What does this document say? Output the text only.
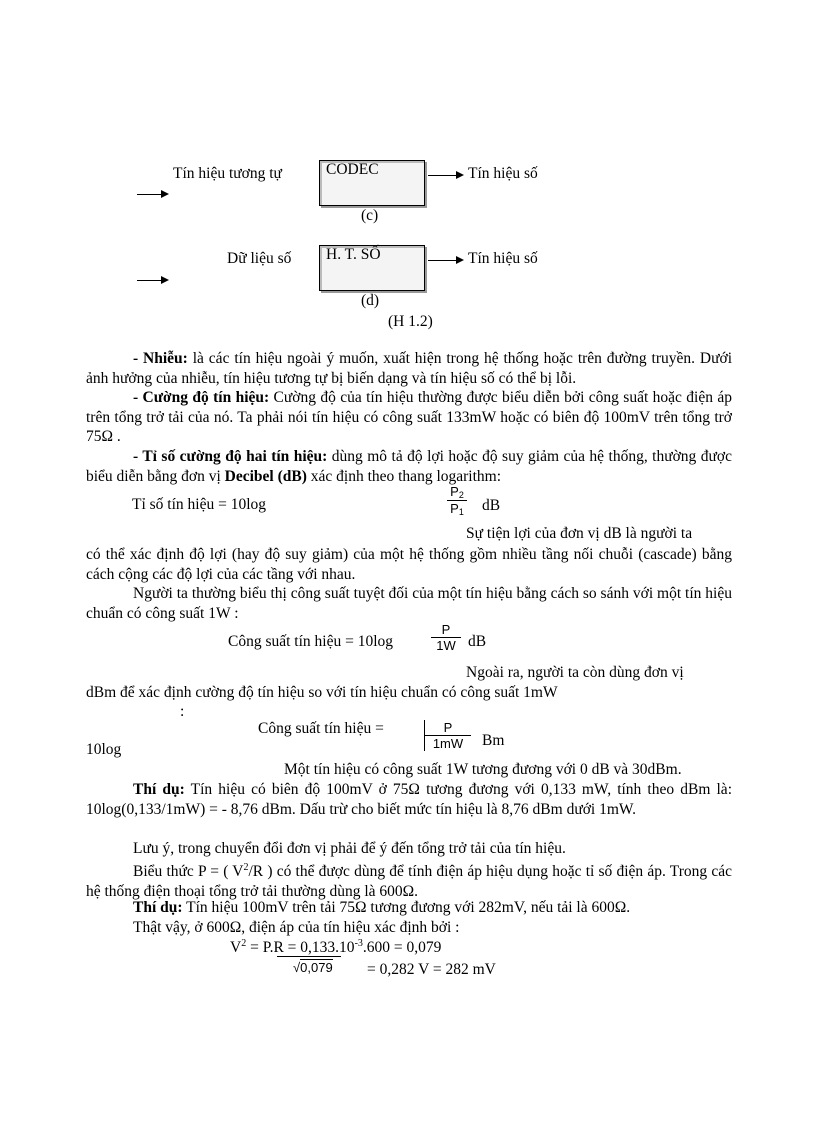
Tín hiệu tương tự	CODEC	Tín hiệu số
(c)
Dữ liệu số H. T. SỐ	Tín hiệu số
(d)
(H 1.2)
- Nhiễu: là các tín hiệu ngoài ý muốn, xuất hiện trong hệ thống hoặc trên đường truyền. Dưới ảnh hưởng của nhiễu, tín hiệu tương tự bị biến dạng và tín hiệu số có thể bị lỗi.
- Cường độ tín hiệu: Cường độ của tín hiệu thường được biểu diễn bởi công suất hoặc điện áp trên tổng trở tải của nó. Ta phải nói tín hiệu có công suất 133mW hoặc có biên độ 100mV trên tổng trở 75Ω .
- Tỉ số cường độ hai tín hiệu: dùng mô tả độ lợi hoặc độ suy giảm của hệ thống, thường được biểu diễn bằng đơn vị Decibel (dB) xác định theo thang logarithm:
Tỉ số tín hiệu = 10log	$\frac{P_2}{P_1}$ dB
Sự tiện lợi của đơn vị dB là người ta
có thể xác định độ lợi (hay độ suy giảm) của một hệ thống gồm nhiều tầng nối chuỗi (cascade) bằng cách cộng các độ lợi của các tầng với nhau.
Người ta thường biểu thị công suất tuyệt đối của một tín hiệu bằng cách so sánh với một tín hiệu chuẩn có công suất 1W :
Công suất tín hiệu = 10log	$\frac{P}{1W}$ dB
Ngoài ra, người ta còn dùng đơn vị
dBm để xác định cường độ tín hiệu so với tín hiệu chuẩn có công suất 1mW
:
Công suất tín hiệu =	$\frac{P}{1mW}$ Bm
10log
Một tín hiệu có công suất 1W tương đương với 0 dB và 30dBm.
Thí dụ: Tín hiệu có biên độ 100mV ở 75Ω tương đương với 0,133 mW, tính theo dBm là: 10log(0,133/1mW) = - 8,76 dBm. Dấu trừ cho biết mức tín hiệu là 8,76 dBm dưới 1mW.
Lưu ý, trong chuyển đổi đơn vị phải để ý đến tổng trở tải của tín hiệu.
Biểu thức P = ( $V^2/R$ ) có thể được dùng để tính điện áp hiệu dụng hoặc tỉ số điện áp. Trong các hệ thống điện thoại tổng trở tải thường dùng là 600Ω.
Thí dụ: Tín hiệu 100mV trên tải 75Ω tương đương với 282mV, nếu tải là 600Ω.
Thật vậy, ở 600Ω, điện áp của tín hiệu xác định bởi :
$V^2 = P.R = 0,133.10^{-3}.600 = 0,079$
√0,079 = 0,282 V = 282 mV
